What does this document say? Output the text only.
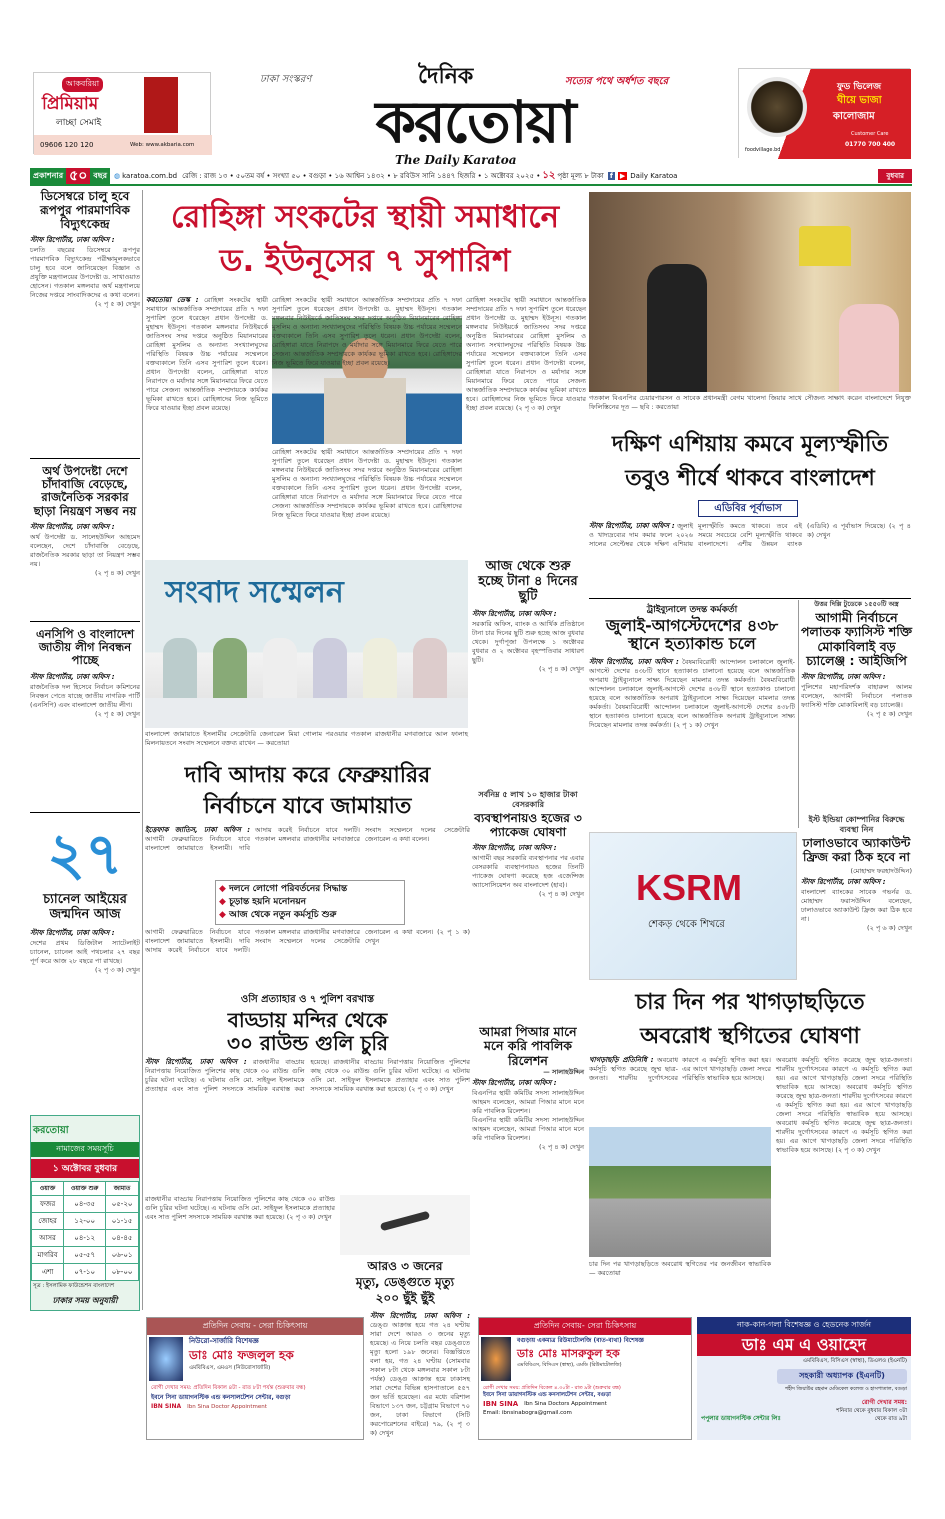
আকবরিয়া
প্রিমিয়াম
লাচ্ছা সেমাই
09606 120 120	Web: www.akbaria.com
ঢাকা সংস্করণ	দৈনিক	সত্যের পথে অর্ধশত বছরে
করতোয়া
The Daily Karatoa
ফুড ভিলেজ
ঘীয়ে ভাজা
কালোজাম
Customer Care
01770 700 400
foodvillage.bd
প্রকাশনার ৫০ বছর	◍ karatoa.com.bd রেজি : রাজ ১৩ • ৫০তম বর্ষ • সংখ্যা ৫০ • বগুড়া • ১৬ আশ্বিন ১৪৩২ • ৮ রবিউস সানি ১৪৪৭ হিজরি • ১ অক্টোবর ২০২৫ • ১২ পৃষ্ঠা মূল্য ৮ টাকা f ▶ Daily Karatoa	বুধবার
ডিসেম্বরে চালু হবে রূপপুর পারমাণবিক বিদ্যুৎকেন্দ্র
স্টাফ রিপোর্টার, ঢাকা অফিস :
চলতি বছরের ডিসেম্বরে রূপপুর পারমাণবিক বিদ্যুৎকেন্দ্র পরীক্ষামূলকভাবে চালু হবে বলে জানিয়েছেন বিজ্ঞান ও প্রযুক্তি মন্ত্রণালয়ের উপদেষ্টা ড. সাখাওয়াত হোসেন। গতকাল মঙ্গলবার অর্থ মন্ত্রণালয়ে নিজের দপ্তরে সাংবাদিকদের এ কথা বলেন।
(২ পৃ ৫ ক) দেখুন
অর্থ উপদেষ্টা দেশে চাঁদাবাজি বেড়েছে, রাজনৈতিক সরকার ছাড়া নিয়ন্ত্রণ সম্ভব নয়
স্টাফ রিপোর্টার, ঢাকা অফিস :
অর্থ উপদেষ্টা ড. সালেহউদ্দিন আহমেদ বলেছেন, দেশে চাঁদাবাজি বেড়েছে, রাজনৈতিক সরকার ছাড়া তা নিয়ন্ত্রণ সম্ভব নয়।
(২ পৃ ৪ ক) দেখুন
এনসিপি ও বাংলাদেশ জাতীয় লীগ নিবন্ধন পাচ্ছে
স্টাফ রিপোর্টার, ঢাকা অফিস :
রাজনৈতিক দল হিসেবে নির্বাচন কমিশনের নিবন্ধন পেতে যাচ্ছে জাতীয় নাগরিক পার্টি (এনসিপি) এবং বাংলাদেশ জাতীয় লীগ।
(২ পৃ ৫ ক) দেখুন
২৭
চ্যানেল আইয়ের জন্মদিন আজ
স্টাফ রিপোর্টার, ঢাকা অফিস :
দেশের প্রথম ডিজিটাল স্যাটেলাইট চ্যানেল, চ্যানেল আই পথচলার ২৭ বছর পূর্ণ করে আজ ২৮ বছরে পা রাখছে।
(২ পৃ ৩ ক) দেখুন
করতোয়া
নামাজের সময়সূচি
১ অক্টোবর বুধবার
ওয়াক্ত	ওয়াক্ত শুরু	জামাত
ফজর	০৪-৩৫	০৫-২০
জোহর	১২-০০	০১-১৫
আসর	০৪-১২	০৪-৪৫
মাগরিব	০৫-৫৭	০৬-০১
এশা	০৭-১০	০৮-০০
সূত্র : ইসলামিক ফাউন্ডেশন বাংলাদেশ
ঢাকার সময় অনুযায়ী
রোহিঙ্গা সংকটের স্থায়ী সমাধানে
ড. ইউনূসের ৭ সুপারিশ
করতোয়া ডেস্ক : রোহিঙ্গা সংকটের স্থায়ী সমাধানে আন্তর্জাতিক সম্প্রদায়ের প্রতি ৭ দফা সুপারিশ তুলে ধরেছেন প্রধান উপদেষ্টা ড. মুহাম্মদ ইউনূস। গতকাল মঙ্গলবার নিউইয়র্কে জাতিসংঘ সদর দপ্তরে অনুষ্ঠিত মিয়ানমারের রোহিঙ্গা মুসলিম ও অন্যান্য সংখ্যালঘুদের পরিস্থিতি বিষয়ক উচ্চ পর্যায়ের সম্মেলনে বক্তব্যকালে তিনি এসব সুপারিশ তুলে ধরেন। প্রধান উপদেষ্টা বলেন, রোহিঙ্গারা যাতে নিরাপদে ও মর্যাদার সঙ্গে মিয়ানমারে ফিরে যেতে পারে সেজন্য আন্তর্জাতিক সম্প্রদায়কে কার্যকর ভূমিকা রাখতে হবে। রোহিঙ্গাদের নিজ ভূমিতে ফিরে যাওয়ার ইচ্ছা প্রবল রয়েছে।
রোহিঙ্গা সংকটের স্থায়ী সমাধানে আন্তর্জাতিক সম্প্রদায়ের প্রতি ৭ দফা সুপারিশ তুলে ধরেছেন প্রধান উপদেষ্টা ড. মুহাম্মদ ইউনূস। গতকাল মঙ্গলবার নিউইয়র্কে জাতিসংঘ সদর দপ্তরে অনুষ্ঠিত মিয়ানমারের রোহিঙ্গা মুসলিম ও অন্যান্য সংখ্যালঘুদের পরিস্থিতি বিষয়ক উচ্চ পর্যায়ের সম্মেলনে বক্তব্যকালে তিনি এসব সুপারিশ তুলে ধরেন। প্রধান উপদেষ্টা বলেন, রোহিঙ্গারা যাতে নিরাপদে ও মর্যাদার সঙ্গে মিয়ানমারে ফিরে যেতে পারে সেজন্য আন্তর্জাতিক সম্প্রদায়কে কার্যকর ভূমিকা রাখতে হবে। রোহিঙ্গাদের নিজ ভূমিতে ফিরে যাওয়ার ইচ্ছা প্রবল রয়েছে।
রোহিঙ্গা সংকটের স্থায়ী সমাধানে আন্তর্জাতিক সম্প্রদায়ের প্রতি ৭ দফা সুপারিশ তুলে ধরেছেন প্রধান উপদেষ্টা ড. মুহাম্মদ ইউনূস। গতকাল মঙ্গলবার নিউইয়র্কে জাতিসংঘ সদর দপ্তরে অনুষ্ঠিত মিয়ানমারের রোহিঙ্গা মুসলিম ও অন্যান্য সংখ্যালঘুদের পরিস্থিতি বিষয়ক উচ্চ পর্যায়ের সম্মেলনে বক্তব্যকালে তিনি এসব সুপারিশ তুলে ধরেন। প্রধান উপদেষ্টা বলেন, রোহিঙ্গারা যাতে নিরাপদে ও মর্যাদার সঙ্গে মিয়ানমারে ফিরে যেতে পারে সেজন্য আন্তর্জাতিক সম্প্রদায়কে কার্যকর ভূমিকা রাখতে হবে। রোহিঙ্গাদের নিজ ভূমিতে ফিরে যাওয়ার ইচ্ছা প্রবল রয়েছে। (২ পৃ ৩ ক) দেখুন
রোহিঙ্গা সংকটের স্থায়ী সমাধানে আন্তর্জাতিক সম্প্রদায়ের প্রতি ৭ দফা সুপারিশ তুলে ধরেছেন প্রধান উপদেষ্টা ড. মুহাম্মদ ইউনূস। গতকাল মঙ্গলবার নিউইয়র্কে জাতিসংঘ সদর দপ্তরে অনুষ্ঠিত মিয়ানমারের রোহিঙ্গা মুসলিম ও অন্যান্য সংখ্যালঘুদের পরিস্থিতি বিষয়ক উচ্চ পর্যায়ের সম্মেলনে বক্তব্যকালে তিনি এসব সুপারিশ তুলে ধরেন। প্রধান উপদেষ্টা বলেন, রোহিঙ্গারা যাতে নিরাপদে ও মর্যাদার সঙ্গে মিয়ানমারে ফিরে যেতে পারে সেজন্য আন্তর্জাতিক সম্প্রদায়কে কার্যকর ভূমিকা রাখতে হবে। রোহিঙ্গাদের নিজ ভূমিতে ফিরে যাওয়ার ইচ্ছা প্রবল রয়েছে।
গতকাল বিএনপির চেয়ারপারসন ও সাবেক প্রধানমন্ত্রী বেগম খালেদা জিয়ার সাথে সৌজন্য সাক্ষাৎ করেন বাংলাদেশে নিযুক্ত ফিলিস্তিনের দূত — ছবি : করতোয়া
দক্ষিণ এশিয়ায় কমবে মূল্যস্ফীতি
তবুও শীর্ষে থাকবে বাংলাদেশ
এডিবির পূর্বাভাস
স্টাফ রিপোর্টার, ঢাকা অফিস : জুলাই ও খাদ্যদ্রব্যের দাম কমার ফলে ২০২৬ সালের সেপ্টেম্বর থেকে দক্ষিণ এশিয়ায় মূল্যস্ফীতি কমতে থাকবে। তবে এই সময়ে সবচেয়ে বেশি মূল্যস্ফীতি থাকবে বাংলাদেশে। এশীয় উন্নয়ন ব্যাংক (এডিবি) এ পূর্বাভাস দিয়েছে। (২ পৃ ৪ ক) দেখুন
সংবাদ সম্মেলন
বাংলাদেশ জামায়াতে ইসলামীর সেক্রেটারি জেনারেল মিয়া গোলাম পরওয়ার গতকাল রাজধানীর মগবাজারে আল ফালাহ মিলনায়তনে সংবাদ সম্মেলনে বক্তব্য রাখেন — করতোয়া
আজ থেকে শুরু হচ্ছে টানা ৪ দিনের ছুটি
স্টাফ রিপোর্টার, ঢাকা অফিস :
সরকারি অফিস, ব্যাংক ও আর্থিক প্রতিষ্ঠানে টানা চার দিনের ছুটি শুরু হচ্ছে আজ বুধবার থেকে। দুর্গাপূজা উপলক্ষে ১ অক্টোবর বুধবার ও ২ অক্টোবর বৃহস্পতিবার সাধারণ ছুটি।
(২ পৃ ৪ ক) দেখুন
ট্রাইব্যুনালে তদন্ত কর্মকর্তা
জুলাই-আগস্টেদেশের ৪৩৮
স্থানে হত্যাকান্ড চলে
স্টাফ রিপোর্টার, ঢাকা অফিস : বৈষম্যবিরোধী আন্দোলন চলাকালে জুলাই-আগস্টে দেশের ৪৩৮টি স্থানে হত্যাকাণ্ড চালানো হয়েছে বলে আন্তর্জাতিক অপরাধ ট্রাইব্যুনালে সাক্ষ্য দিয়েছেন মামলার তদন্ত কর্মকর্তা। বৈষম্যবিরোধী আন্দোলন চলাকালে জুলাই-আগস্টে দেশের ৪৩৮টি স্থানে হত্যাকাণ্ড চালানো হয়েছে বলে আন্তর্জাতিক অপরাধ ট্রাইব্যুনালে সাক্ষ্য দিয়েছেন মামলার তদন্ত কর্মকর্তা। বৈষম্যবিরোধী আন্দোলন চলাকালে জুলাই-আগস্টে দেশের ৪৩৮টি স্থানে হত্যাকাণ্ড চালানো হয়েছে বলে আন্তর্জাতিক অপরাধ ট্রাইব্যুনালে সাক্ষ্য দিয়েছেন মামলার তদন্ত কর্মকর্তা। (২ পৃ ১ ক) দেখুন
উত্তর দিল্লি টুডেকে ১৫৫০টি অস্ত্র
আগামী নির্বাচনে পলাতক ফ্যাসিস্ট শক্তি মোকাবিলাই বড় চ্যালেঞ্জ : আইজিপি
স্টাফ রিপোর্টার, ঢাকা অফিস :
পুলিশের মহাপরিদর্শক বাহারুল আলম বলেছেন, আগামী নির্বাচনে পলাতক ফ্যাসিস্ট শক্তি মোকাবিলাই বড় চ্যালেঞ্জ।
(২ পৃ ৫ ক) দেখুন
দাবি আদায় করে ফেব্রুয়ারির
নির্বাচনে যাবে জামায়াত
ইত্তেফাক জাতিস, ঢাকা অফিস : আগামী ফেব্রুয়ারিতে নির্বাচনে যাবে বাংলাদেশ জামায়াতে ইসলামী। দাবি আদায় করেই নির্বাচনে যাবে দলটি। গতকাল মঙ্গলবার রাজধানীর মগবাজারে সংবাদ সম্মেলনে দলের সেক্রেটারি জেনারেল এ কথা বলেন।
◆ দলনে লোগো পরিবর্তনের সিদ্ধান্ত
◆ চূড়ান্ত হয়নি মনোনয়ন
◆ আজ থেকে নতুন কর্মসূচি শুরু
আগামী ফেব্রুয়ারিতে নির্বাচনে যাবে বাংলাদেশ জামায়াতে ইসলামী। দাবি আদায় করেই নির্বাচনে যাবে দলটি। গতকাল মঙ্গলবার রাজধানীর মগবাজারে সংবাদ সম্মেলনে দলের সেক্রেটারি জেনারেল এ কথা বলেন। (২ পৃ ১ ক) দেখুন
সর্বনিম্ন ৫ লাখ ১০ হাজার টাকা বেসরকারি
ব্যবস্থাপনায়ও হজের ৩ প্যাকেজ ঘোষণা
স্টাফ রিপোর্টার, ঢাকা অফিস :
আগামী বছর সরকারি ব্যবস্থাপনার পর এবার বেসরকারি ব্যবস্থাপনায়ও হজের তিনটি প্যাকেজ ঘোষণা করেছে হজ এজেন্সিজ অ্যাসোসিয়েশন অব বাংলাদেশ (হাব)।
(২ পৃ ৪ ক) দেখুন
ইস্ট ইন্ডিয়া কোম্পানির বিরুদ্ধে ব্যবস্থা নিন
ঢালাওভাবে অ্যাকাউন্ট ফ্রিজ করা ঠিক হবে না
(মোহাম্মদ ফরহাদউদ্দিন)
স্টাফ রিপোর্টার, ঢাকা অফিস :
বাংলাদেশ ব্যাংকের সাবেক গভর্নর ড. মোহাম্মদ ফরাসউদ্দিন বলেছেন, ঢালাওভাবে অ্যাকাউন্ট ফ্রিজ করা ঠিক হবে না।
(২ পৃ ৬ ক) দেখুন
KSRM
শেকড় থেকে শিখরে
চার দিন পর খাগড়াছড়িতে
অবরোধ স্থগিতের ঘোষণা
খাগড়াছড়ি প্রতিনিধি : অবরোধ কর্মসূচি স্থগিত করেছে জুম্ম ছাত্র-জনতা। শারদীয় দুর্গোৎসবের কারণে এ কর্মসূচি স্থগিত করা হয়। এর আগে খাগড়াছড়ি জেলা সদরে পরিস্থিতি স্বাভাবিক হয়ে আসছে।
অবরোধ কর্মসূচি স্থগিত করেছে জুম্ম ছাত্র-জনতা। শারদীয় দুর্গোৎসবের কারণে এ কর্মসূচি স্থগিত করা হয়। এর আগে খাগড়াছড়ি জেলা সদরে পরিস্থিতি স্বাভাবিক হয়ে আসছে। অবরোধ কর্মসূচি স্থগিত করেছে জুম্ম ছাত্র-জনতা। শারদীয় দুর্গোৎসবের কারণে এ কর্মসূচি স্থগিত করা হয়। এর আগে খাগড়াছড়ি জেলা সদরে পরিস্থিতি স্বাভাবিক হয়ে আসছে। অবরোধ কর্মসূচি স্থগিত করেছে জুম্ম ছাত্র-জনতা। শারদীয় দুর্গোৎসবের কারণে এ কর্মসূচি স্থগিত করা হয়। এর আগে খাগড়াছড়ি জেলা সদরে পরিস্থিতি স্বাভাবিক হয়ে আসছে। (২ পৃ ৩ ক) দেখুন
চার দিন পর খাগড়াছড়িতে অবরোধ স্থগিতের পর জনজীবন স্বাভাবিক — করতোয়া
ওসি প্রত্যাহার ও ৭ পুলিশ বরখাস্ত
বাড্ডায় মন্দির থেকে
৩০ রাউন্ড গুলি চুরি
স্টাফ রিপোর্টার, ঢাকা অফিস : রাজধানীর বাড্ডায় নিরাপত্তায় নিয়োজিত পুলিশের কাছ থেকে ৩০ রাউন্ড গুলি চুরির ঘটনা ঘটেছে। এ ঘটনায় ওসি মো. সাইফুল ইসলামকে প্রত্যাহার এবং সাত পুলিশ সদস্যকে সাময়িক বরখাস্ত করা হয়েছে। রাজধানীর বাড্ডায় নিরাপত্তায় নিয়োজিত পুলিশের কাছ থেকে ৩০ রাউন্ড গুলি চুরির ঘটনা ঘটেছে। এ ঘটনায় ওসি মো. সাইফুল ইসলামকে প্রত্যাহার এবং সাত পুলিশ সদস্যকে সাময়িক বরখাস্ত করা হয়েছে। (২ পৃ ৩ ক) দেখুন
আমরা পিআর মানে মনে করি পাবলিক রিলেশন
— সালাহউদ্দিন
স্টাফ রিপোর্টার, ঢাকা অফিস :
বিএনপির স্থায়ী কমিটির সদস্য সালাহউদ্দিন আহমদ বলেছেন, আমরা পিআর মানে মনে করি পাবলিক রিলেশন।
বিএনপির স্থায়ী কমিটির সদস্য সালাহউদ্দিন আহমদ বলেছেন, আমরা পিআর মানে মনে করি পাবলিক রিলেশন।
(২ পৃ ৪ ক) দেখুন
আরও ৩ জনের
মৃত্যু, ডেঙ্গুতে মৃত্যু
২০০ ছুঁই ছুঁই
রাজধানীর বাড্ডায় নিরাপত্তায় নিয়োজিত পুলিশের কাছ থেকে ৩০ রাউন্ড গুলি চুরির ঘটনা ঘটেছে। এ ঘটনায় ওসি মো. সাইফুল ইসলামকে প্রত্যাহার এবং সাত পুলিশ সদস্যকে সাময়িক বরখাস্ত করা হয়েছে। (২ পৃ ৩ ক) দেখুন
স্টাফ রিপোর্টার, ঢাকা অফিস : ডেঙ্গু আক্রান্ত হয়ে গত ২৪ ঘণ্টায় সারা দেশে আরও ৩ জনের মৃত্যু হয়েছে। এ নিয়ে চলতি বছর ডেঙ্গুতে মৃত্যু হলো ১৯৮ জনের। বিজ্ঞপ্তিতে বলা হয়, গত ২৪ ঘণ্টায় (সোমবার সকাল ৮টা থেকে মঙ্গলবার সকাল ৮টা পর্যন্ত) ডেঙ্গু আক্রান্ত হয়ে ঢাকাসহ সারা দেশের বিভিন্ন হাসপাতালে ৫৫৭ জন ভর্তি হয়েছেন। এর মধ্যে বরিশাল বিভাগে ১৩৭ জন, চট্টগ্রাম বিভাগে ৭০ জন, ঢাকা বিভাগে (সিটি করপোরেশনের বাইরে) ৭৯, (২ পৃ ৩ ক) দেখুন
প্রতিদিন সেবায় - সেরা চিকিৎসায়
নিউরো-সার্জারি বিশেষজ্ঞ
ডাঃ মোঃ ফজলুল হক
এমবিবিএস, এমএস (নিউরোসার্জারি)
রোগী দেখার সময়: প্রতিদিন বিকাল ৪টা - রাত ৮টা পর্যন্ত (শুক্রবার বন্ধ)
ইবনে সিনা ডায়াগনস্টিক এন্ড কনসালটেশন সেন্টার, বগুড়া
IBN SINA Ibn Sina Doctor Appointment
প্রতিদিন সেবায়- সেরা চিকিৎসায়
বগুড়ায় একমাত্র রিউমাটোলজি (বাত-ব্যথা) বিশেষজ্ঞ
ডাঃ মোঃ মাসরুকুল হক
এমবিবিএস, বিসিএস (স্বাস্থ্য), এমডি (রিউমাটোলজি)
রোগী দেখার সময়: প্রতিদিন বিকেল ৪.৩০টা - রাত ৯টা (শুক্রবার বন্ধ)
ইবনে সিনা ডায়াগনস্টিক এন্ড কনসালটেশন সেন্টার, বগুড়া
IBN SINA Ibn Sina Doctors Appointment
Email: ibnsinabogra@gmail.com
নাক-কান-গলা বিশেষজ্ঞ ও হেডনেক সার্জন
ডাঃ এম এ ওয়াহেদ
এমবিবিএস, বিসিএস (স্বাস্থ্য), ডিএলও (ইএনটি)
সহকারী অধ্যাপক (ইএনটি)
শহীদ জিয়াউর রহমান মেডিকেল কলেজ ও হাসপাতাল, বগুড়া
পপুলার ডায়াগনস্টিক সেন্টার লিঃ
রোগী দেখার সময়:
শনিবার থেকে বুধবার বিকাল ৩টা থেকে রাত ৯টা
